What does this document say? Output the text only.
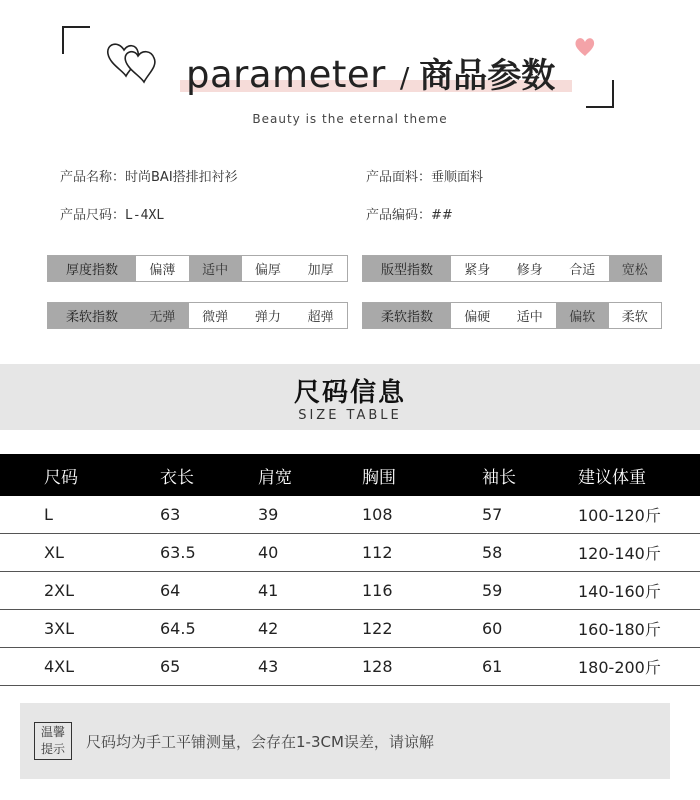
parameter / 商品参数
Beauty is the eternal theme
产品名称：时尚BAI搭排扣衬衫	产品面料：垂顺面料
产品尺码：L-4XL	产品编码：##
厚度指数	偏薄	适中	偏厚	加厚	版型指数	紧身	修身	合适	宽松
柔软指数	无弹	微弹	弹力	超弹	柔软指数	偏硬	适中	偏软	柔软
尺码信息
SIZE TABLE
尺码	衣长	肩宽	胸围	袖长	建议体重
L	63	39	108	57	100-120斤
XL	63.5	40	112	58	120-140斤
2XL	64	41	116	59	140-160斤
3XL	64.5	42	122	60	160-180斤
4XL	65	43	128	61	180-200斤
温馨
提示	尺码均为手工平铺测量，会存在1-3CM误差，请谅解
